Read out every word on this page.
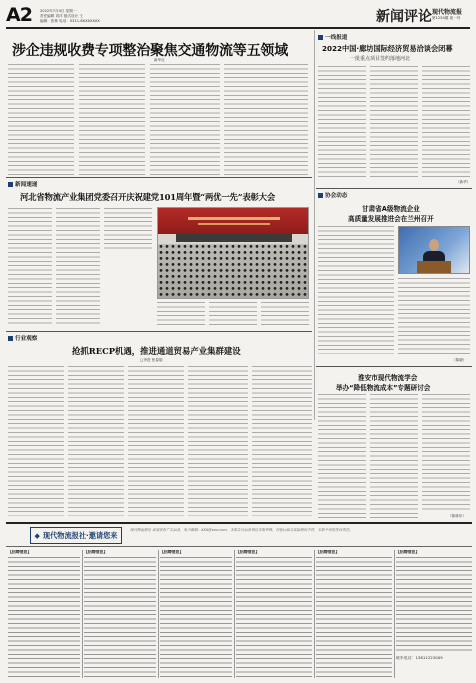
A2 2022年7月4日 星期一
责任编辑 刘洋 版式设计 王
编辑：张林 电话：0311-8XXXXXXX	新闻评论 现代物流报
第1234期 周一刊
涉企违规收费专项整治聚焦交通物流等五领域
新华社
一线报道
2022中国·廊坊国际经济贸易洽谈会闭幕
一批重点项目签约落地河北
（新华）
新闻速递
河北省物流产业集团党委召开庆祝建党101周年暨“两优一先”表彰大会	协会动态
甘肃省A级物流企业
高质量发展推进会在兰州召开
（陈晓）
行业观察
抢抓RECP机遇，推进通道贸易产业集群建设
□李进 张春瑞
淮安市现代物流学会
举办“降低物流成本”专题研讨会
（陈林东）
◆ 现代物流报社·邀请您来
现代物流报社 欢迎发布广告信息，电子邮箱：XXX@xxx.com，本报告白信息须经本报审核，刊登后如与实际情况不符，本报不承担任何责任。
【招聘信息】	【招聘信息】	【招聘信息】	【招聘信息】	【招聘信息】	【招聘信息】
联系电话：13811223009
